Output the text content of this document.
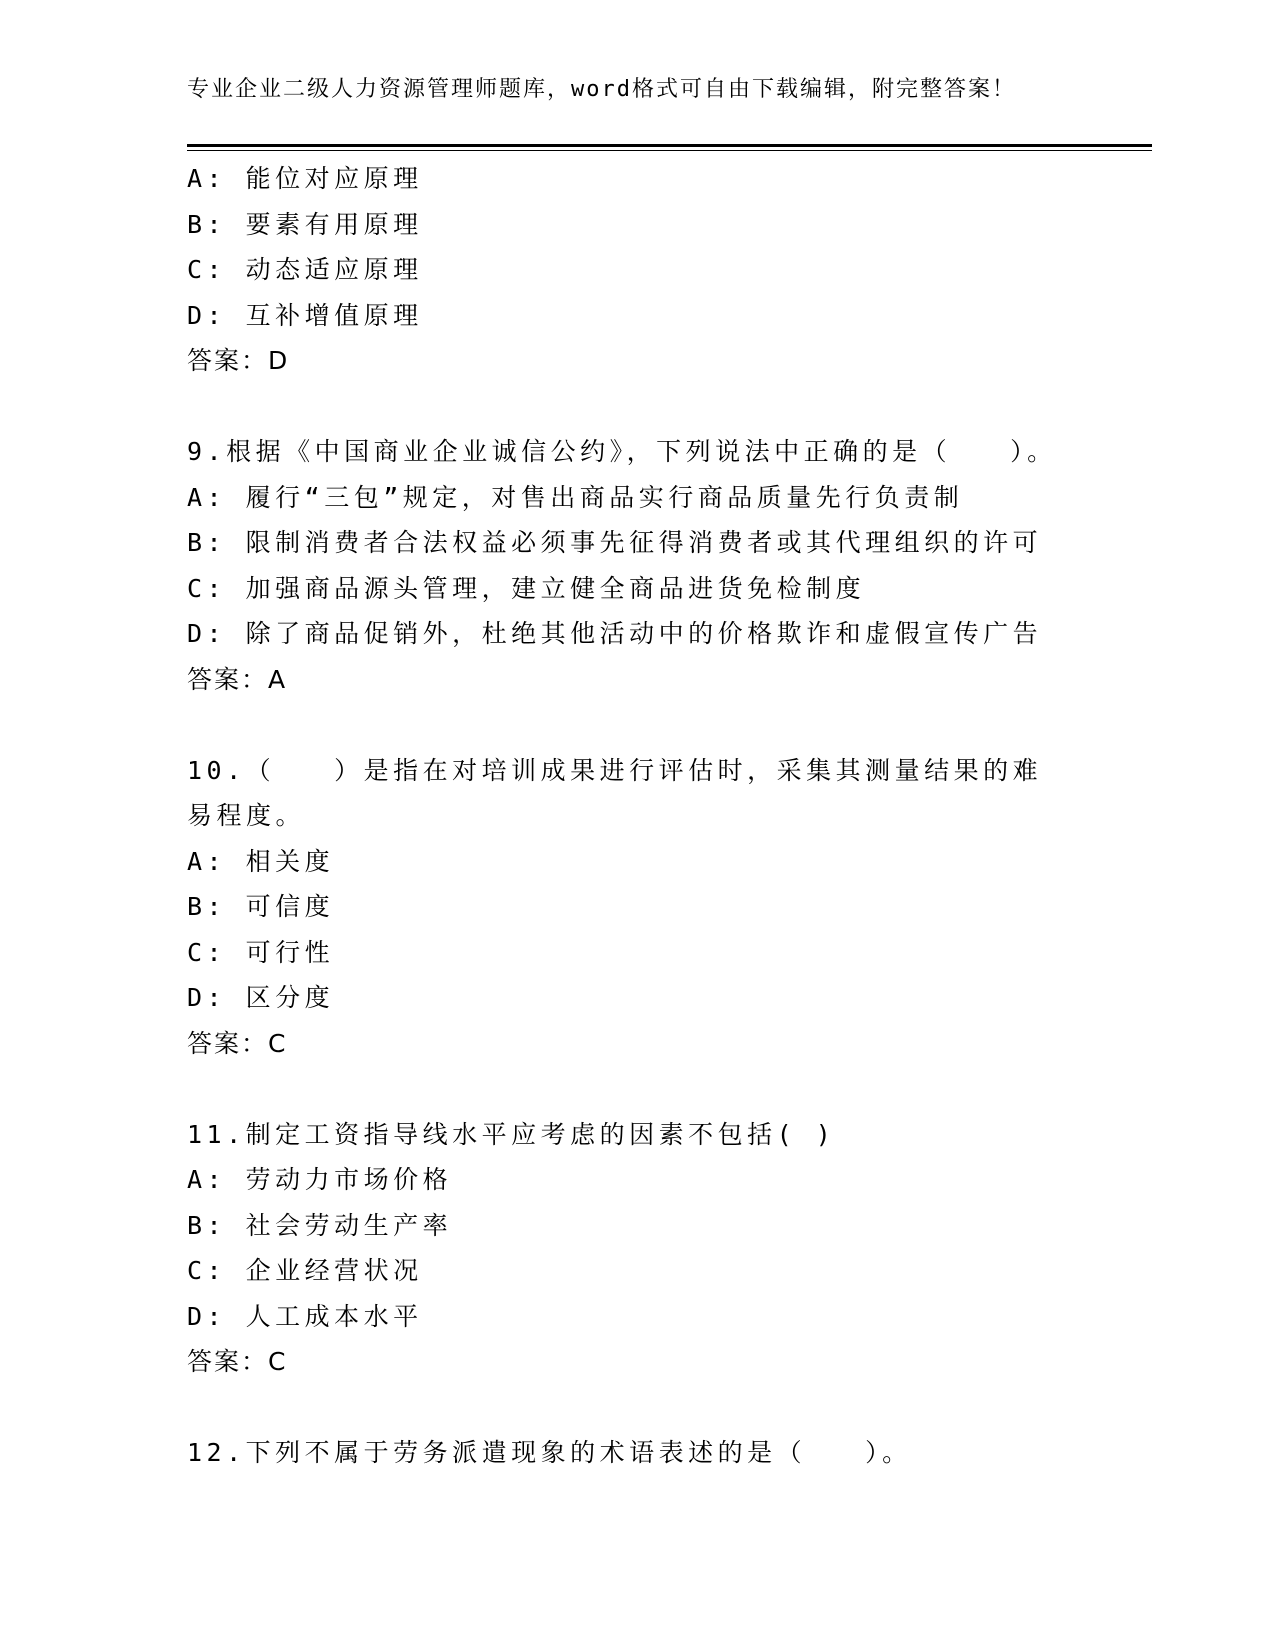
专业企业二级人力资源管理师题库，word格式可自由下载编辑，附完整答案！
A: 能位对应原理
B: 要素有用原理
C: 动态适应原理
D: 互补增值原理
答案：D
9.根据《中国商业企业诚信公约》，下列说法中正确的是（　　）。
A: 履行“三包”规定，对售出商品实行商品质量先行负责制
B: 限制消费者合法权益必须事先征得消费者或其代理组织的许可
C: 加强商品源头管理，建立健全商品进货免检制度
D: 除了商品促销外，杜绝其他活动中的价格欺诈和虚假宣传广告
答案：A
10.（　　）是指在对培训成果进行评估时，采集其测量结果的难易程度。
A: 相关度
B: 可信度
C: 可行性
D: 区分度
答案：C
11.制定工资指导线水平应考虑的因素不包括( )
A: 劳动力市场价格
B: 社会劳动生产率
C: 企业经营状况
D: 人工成本水平
答案：C
12.下列不属于劳务派遣现象的术语表述的是（　　）。
